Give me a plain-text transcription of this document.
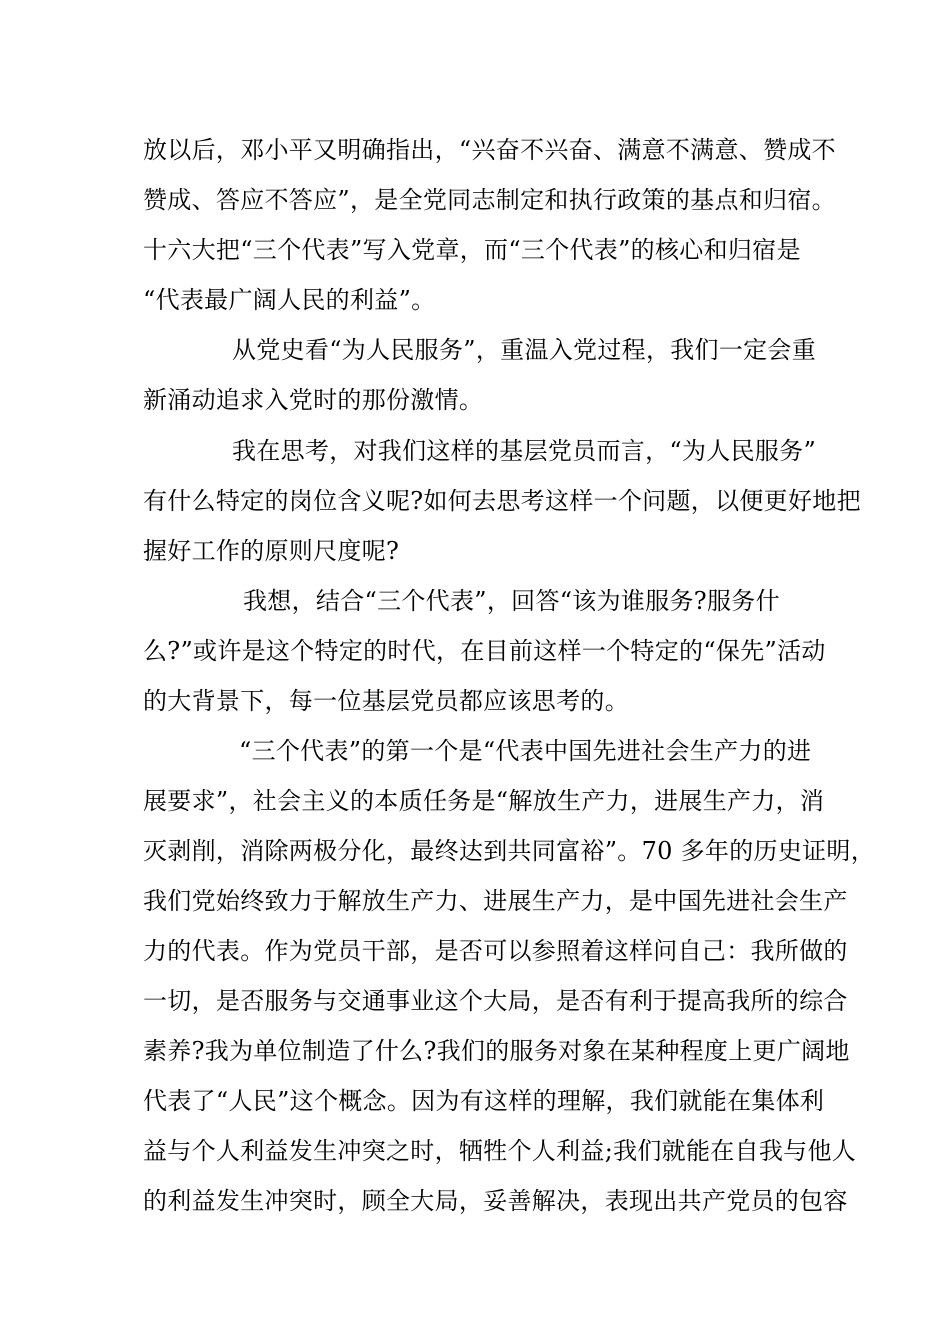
放以后，邓小平又明确指出，“兴奋不兴奋、满意不满意、赞成不

赞成、答应不答应”，是全党同志制定和执行政策的基点和归宿。

十六大把“三个代表”写入党章，而“三个代表”的核心和归宿是

“代表最广阔人民的利益”。

从党史看“为人民服务”，重温入党过程，我们一定会重

新涌动追求入党时的那份激情。

我在思考，对我们这样的基层党员而言，“为人民服务”

有什么特定的岗位含义呢?如何去思考这样一个问题，以便更好地把

握好工作的原则尺度呢?

我想，结合“三个代表”，回答“该为谁服务?服务什

么?”或许是这个特定的时代，在目前这样一个特定的“保先”活动

的大背景下，每一位基层党员都应该思考的。

“三个代表”的第一个是“代表中国先进社会生产力的进

展要求”，社会主义的本质任务是“解放生产力，进展生产力，消

灭剥削，消除两极分化，最终达到共同富裕”。70 多年的历史证明，

我们党始终致力于解放生产力、进展生产力，是中国先进社会生产

力的代表。作为党员干部，是否可以参照着这样问自己：我所做的

一切，是否服务与交通事业这个大局，是否有利于提高我所的综合

素养?我为单位制造了什么?我们的服务对象在某种程度上更广阔地

代表了“人民”这个概念。因为有这样的理解，我们就能在集体利

益与个人利益发生冲突之时，牺牲个人利益;我们就能在自我与他人

的利益发生冲突时，顾全大局，妥善解决，表现出共产党员的包容
